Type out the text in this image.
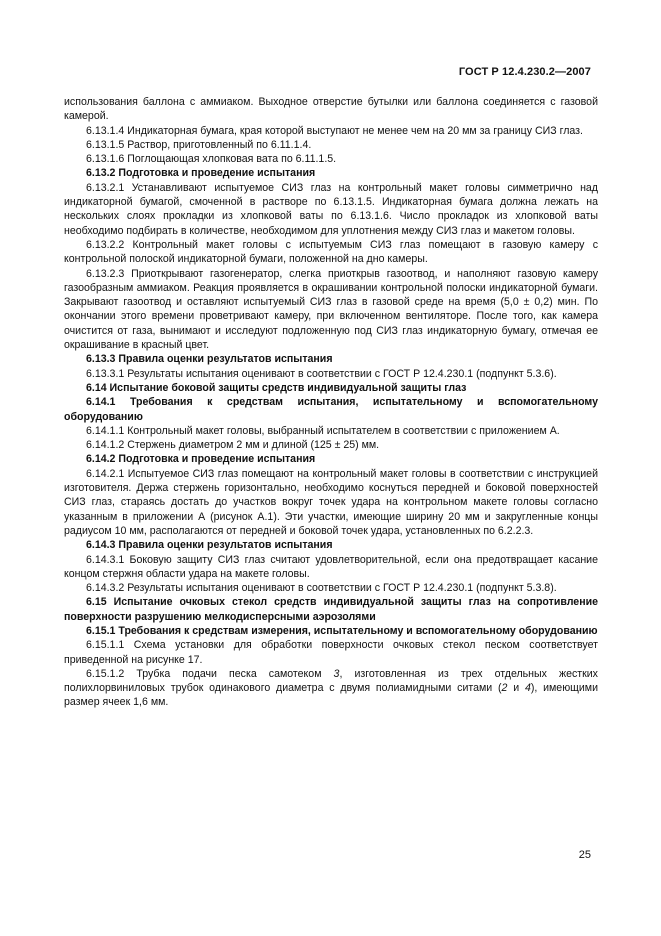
ГОСТ Р 12.4.230.2—2007

использования баллона с аммиаком. Выходное отверстие бутылки или баллона соединяется с газовой камерой.

6.13.1.4 Индикаторная бумага, края которой выступают не менее чем на 20 мм за границу СИЗ глаз.

6.13.1.5 Раствор, приготовленный по 6.11.1.4.

6.13.1.6 Поглощающая хлопковая вата по 6.11.1.5.

6.13.2 Подготовка и проведение испытания

6.13.2.1 Устанавливают испытуемое СИЗ глаз на контрольный макет головы симметрично над индикаторной бумагой, смоченной в растворе по 6.13.1.5. Индикаторная бумага должна лежать на нескольких слоях прокладки из хлопковой ваты по 6.13.1.6. Число прокладок из хлопковой ваты необходимо подбирать в количестве, необходимом для уплотнения между СИЗ глаз и макетом головы.

6.13.2.2 Контрольный макет головы с испытуемым СИЗ глаз помещают в газовую камеру с контрольной полоской индикаторной бумаги, положенной на дно камеры.

6.13.2.3 Приоткрывают газогенератор, слегка приоткрыв газоотвод, и наполняют газовую камеру газообразным аммиаком. Реакция проявляется в окрашивании контрольной полоски индикаторной бумаги. Закрывают газоотвод и оставляют испытуемый СИЗ глаз в газовой среде на время (5,0 ± 0,2) мин. По окончании этого времени проветривают камеру, при включенном вентиляторе. После того, как камера очистится от газа, вынимают и исследуют подложенную под СИЗ глаз индикаторную бумагу, отмечая ее окрашивание в красный цвет.

6.13.3 Правила оценки результатов испытания

6.13.3.1 Результаты испытания оценивают в соответствии с ГОСТ Р 12.4.230.1 (подпункт 5.3.6).

6.14 Испытание боковой защиты средств индивидуальной защиты глаз

6.14.1 Требования к средствам испытания, испытательному и вспомогательному оборудованию

6.14.1.1 Контрольный макет головы, выбранный испытателем в соответствии с приложением А.

6.14.1.2 Стержень диаметром 2 мм и длиной (125 ± 25) мм.

6.14.2 Подготовка и проведение испытания

6.14.2.1 Испытуемое СИЗ глаз помещают на контрольный макет головы в соответствии с инструкцией изготовителя. Держа стержень горизонтально, необходимо коснуться передней и боковой поверхностей СИЗ глаз, стараясь достать до участков вокруг точек удара на контрольном макете головы согласно указанным в приложении А (рисунок А.1). Эти участки, имеющие ширину 20 мм и закругленные концы радиусом 10 мм, располагаются от передней и боковой точек удара, установленных по 6.2.2.3.

6.14.3 Правила оценки результатов испытания

6.14.3.1 Боковую защиту СИЗ глаз считают удовлетворительной, если она предотвращает касание концом стержня области удара на макете головы.

6.14.3.2 Результаты испытания оценивают в соответствии с ГОСТ Р 12.4.230.1 (подпункт 5.3.8).

6.15 Испытание очковых стекол средств индивидуальной защиты глаз на сопротивление поверхности разрушению мелкодисперсными аэрозолями

6.15.1 Требования к средствам измерения, испытательному и вспомогательному оборудованию

6.15.1.1 Схема установки для обработки поверхности очковых стекол песком соответствует приведенной на рисунке 17.

6.15.1.2 Трубка подачи песка самотеком 3, изготовленная из трех отдельных жестких полихлорвиниловых трубок одинакового диаметра с двумя полиамидными ситами (2 и 4), имеющими размер ячеек 1,6 мм.

25
